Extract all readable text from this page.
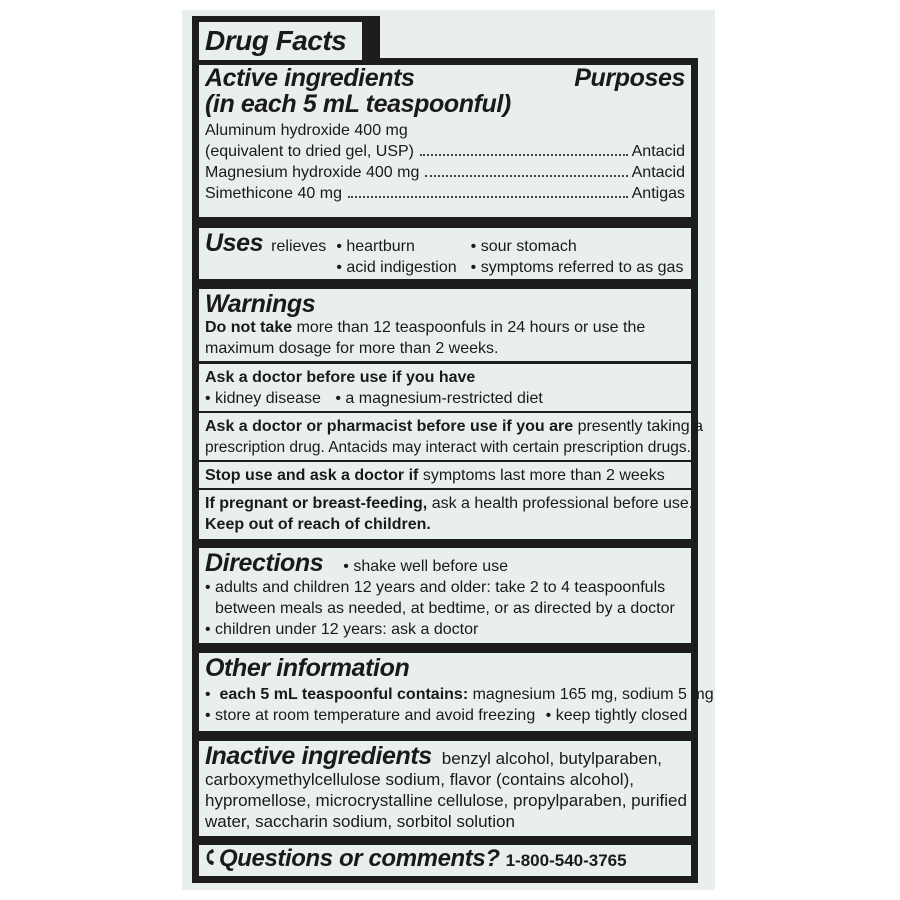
Drug Facts
Active ingredients	Purposes
(in each 5 mL teaspoonful)
Aluminum hydroxide 400 mg
(equivalent to dried gel, USP)	Antacid
Magnesium hydroxide 400 mg	Antacid
Simethicone 40 mg	Antigas
Uses relieves	• heartburn	• sour stomach
• acid indigestion	• symptoms referred to as gas
Warnings
Do not take more than 12 teaspoonfuls in 24 hours or use the
maximum dosage for more than 2 weeks.
Ask a doctor before use if you have
• kidney disease • a magnesium-restricted diet
Ask a doctor or pharmacist before use if you are presently taking a
prescription drug. Antacids may interact with certain prescription drugs.
Stop use and ask a doctor if symptoms last more than 2 weeks
If pregnant or breast-feeding, ask a health professional before use.
Keep out of reach of children.
Directions	• shake well before use
• adults and children 12 years and older: take 2 to 4 teaspoonfuls
between meals as needed, at bedtime, or as directed by a doctor
• children under 12 years: ask a doctor
Other information
• each 5 mL teaspoonful contains: magnesium 165 mg, sodium 5 mg
• store at room temperature and avoid freezing • keep tightly closed
Inactive ingredients benzyl alcohol, butylparaben,
carboxymethylcellulose sodium, flavor (contains alcohol),
hypromellose, microcrystalline cellulose, propylparaben, purified
water, saccharin sodium, sorbitol solution
Questions or comments? 1-800-540-3765
